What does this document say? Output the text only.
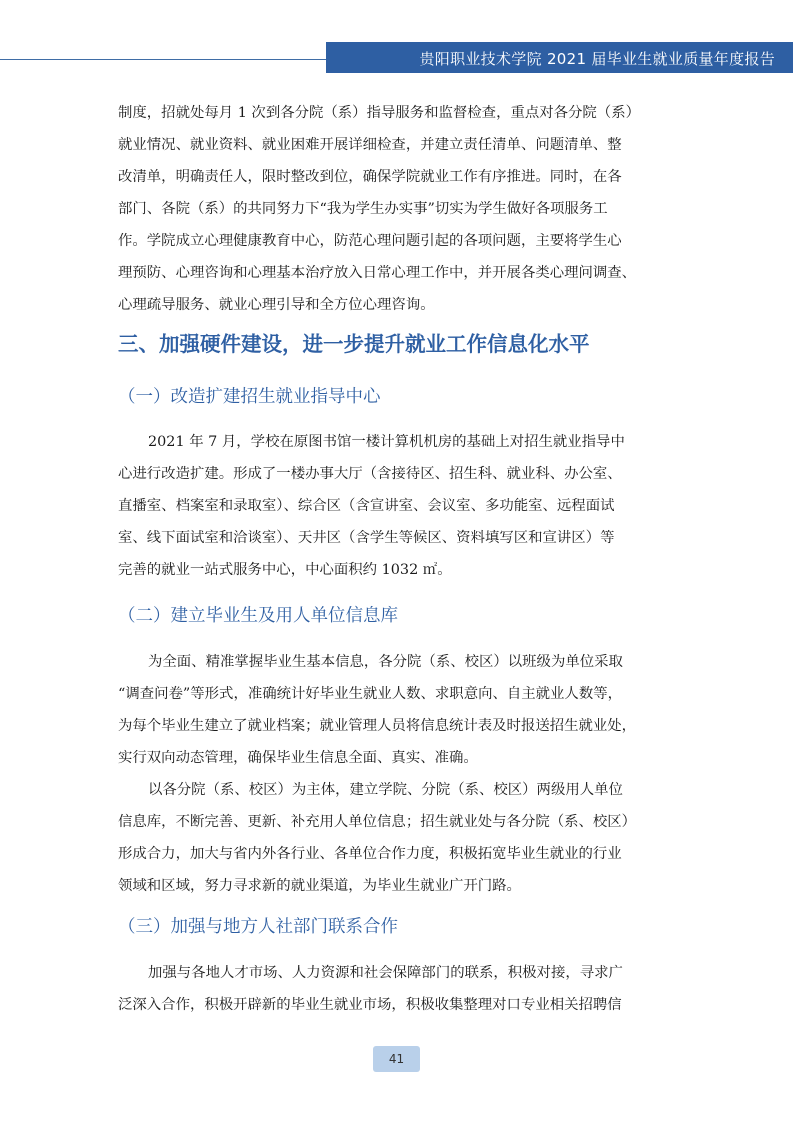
贵阳职业技术学院 2021 届毕业生就业质量年度报告
制度，招就处每月 1 次到各分院（系）指导服务和监督检查，重点对各分院（系）
就业情况、就业资料、就业困难开展详细检查，并建立责任清单、问题清单、整
改清单，明确责任人，限时整改到位，确保学院就业工作有序推进。同时，在各
部门、各院（系）的共同努力下“我为学生办实事”切实为学生做好各项服务工
作。学院成立心理健康教育中心，防范心理问题引起的各项问题，主要将学生心
理预防、心理咨询和心理基本治疗放入日常心理工作中，并开展各类心理问调查、
心理疏导服务、就业心理引导和全方位心理咨询。
三、加强硬件建设，进一步提升就业工作信息化水平
（一）改造扩建招生就业指导中心
2021 年 7 月，学校在原图书馆一楼计算机机房的基础上对招生就业指导中
心进行改造扩建。形成了一楼办事大厅（含接待区、招生科、就业科、办公室、
直播室、档案室和录取室）、综合区（含宣讲室、会议室、多功能室、远程面试
室、线下面试室和洽谈室）、天井区（含学生等候区、资料填写区和宣讲区）等
完善的就业一站式服务中心，中心面积约 1032 ㎡。
（二）建立毕业生及用人单位信息库
为全面、精准掌握毕业生基本信息，各分院（系、校区）以班级为单位采取
“调查问卷”等形式，准确统计好毕业生就业人数、求职意向、自主就业人数等，
为每个毕业生建立了就业档案；就业管理人员将信息统计表及时报送招生就业处，
实行双向动态管理，确保毕业生信息全面、真实、准确。
以各分院（系、校区）为主体，建立学院、分院（系、校区）两级用人单位
信息库，不断完善、更新、补充用人单位信息；招生就业处与各分院（系、校区）
形成合力，加大与省内外各行业、各单位合作力度，积极拓宽毕业生就业的行业
领域和区域，努力寻求新的就业渠道，为毕业生就业广开门路。
（三）加强与地方人社部门联系合作
加强与各地人才市场、人力资源和社会保障部门的联系，积极对接，寻求广
泛深入合作，积极开辟新的毕业生就业市场，积极收集整理对口专业相关招聘信
41
